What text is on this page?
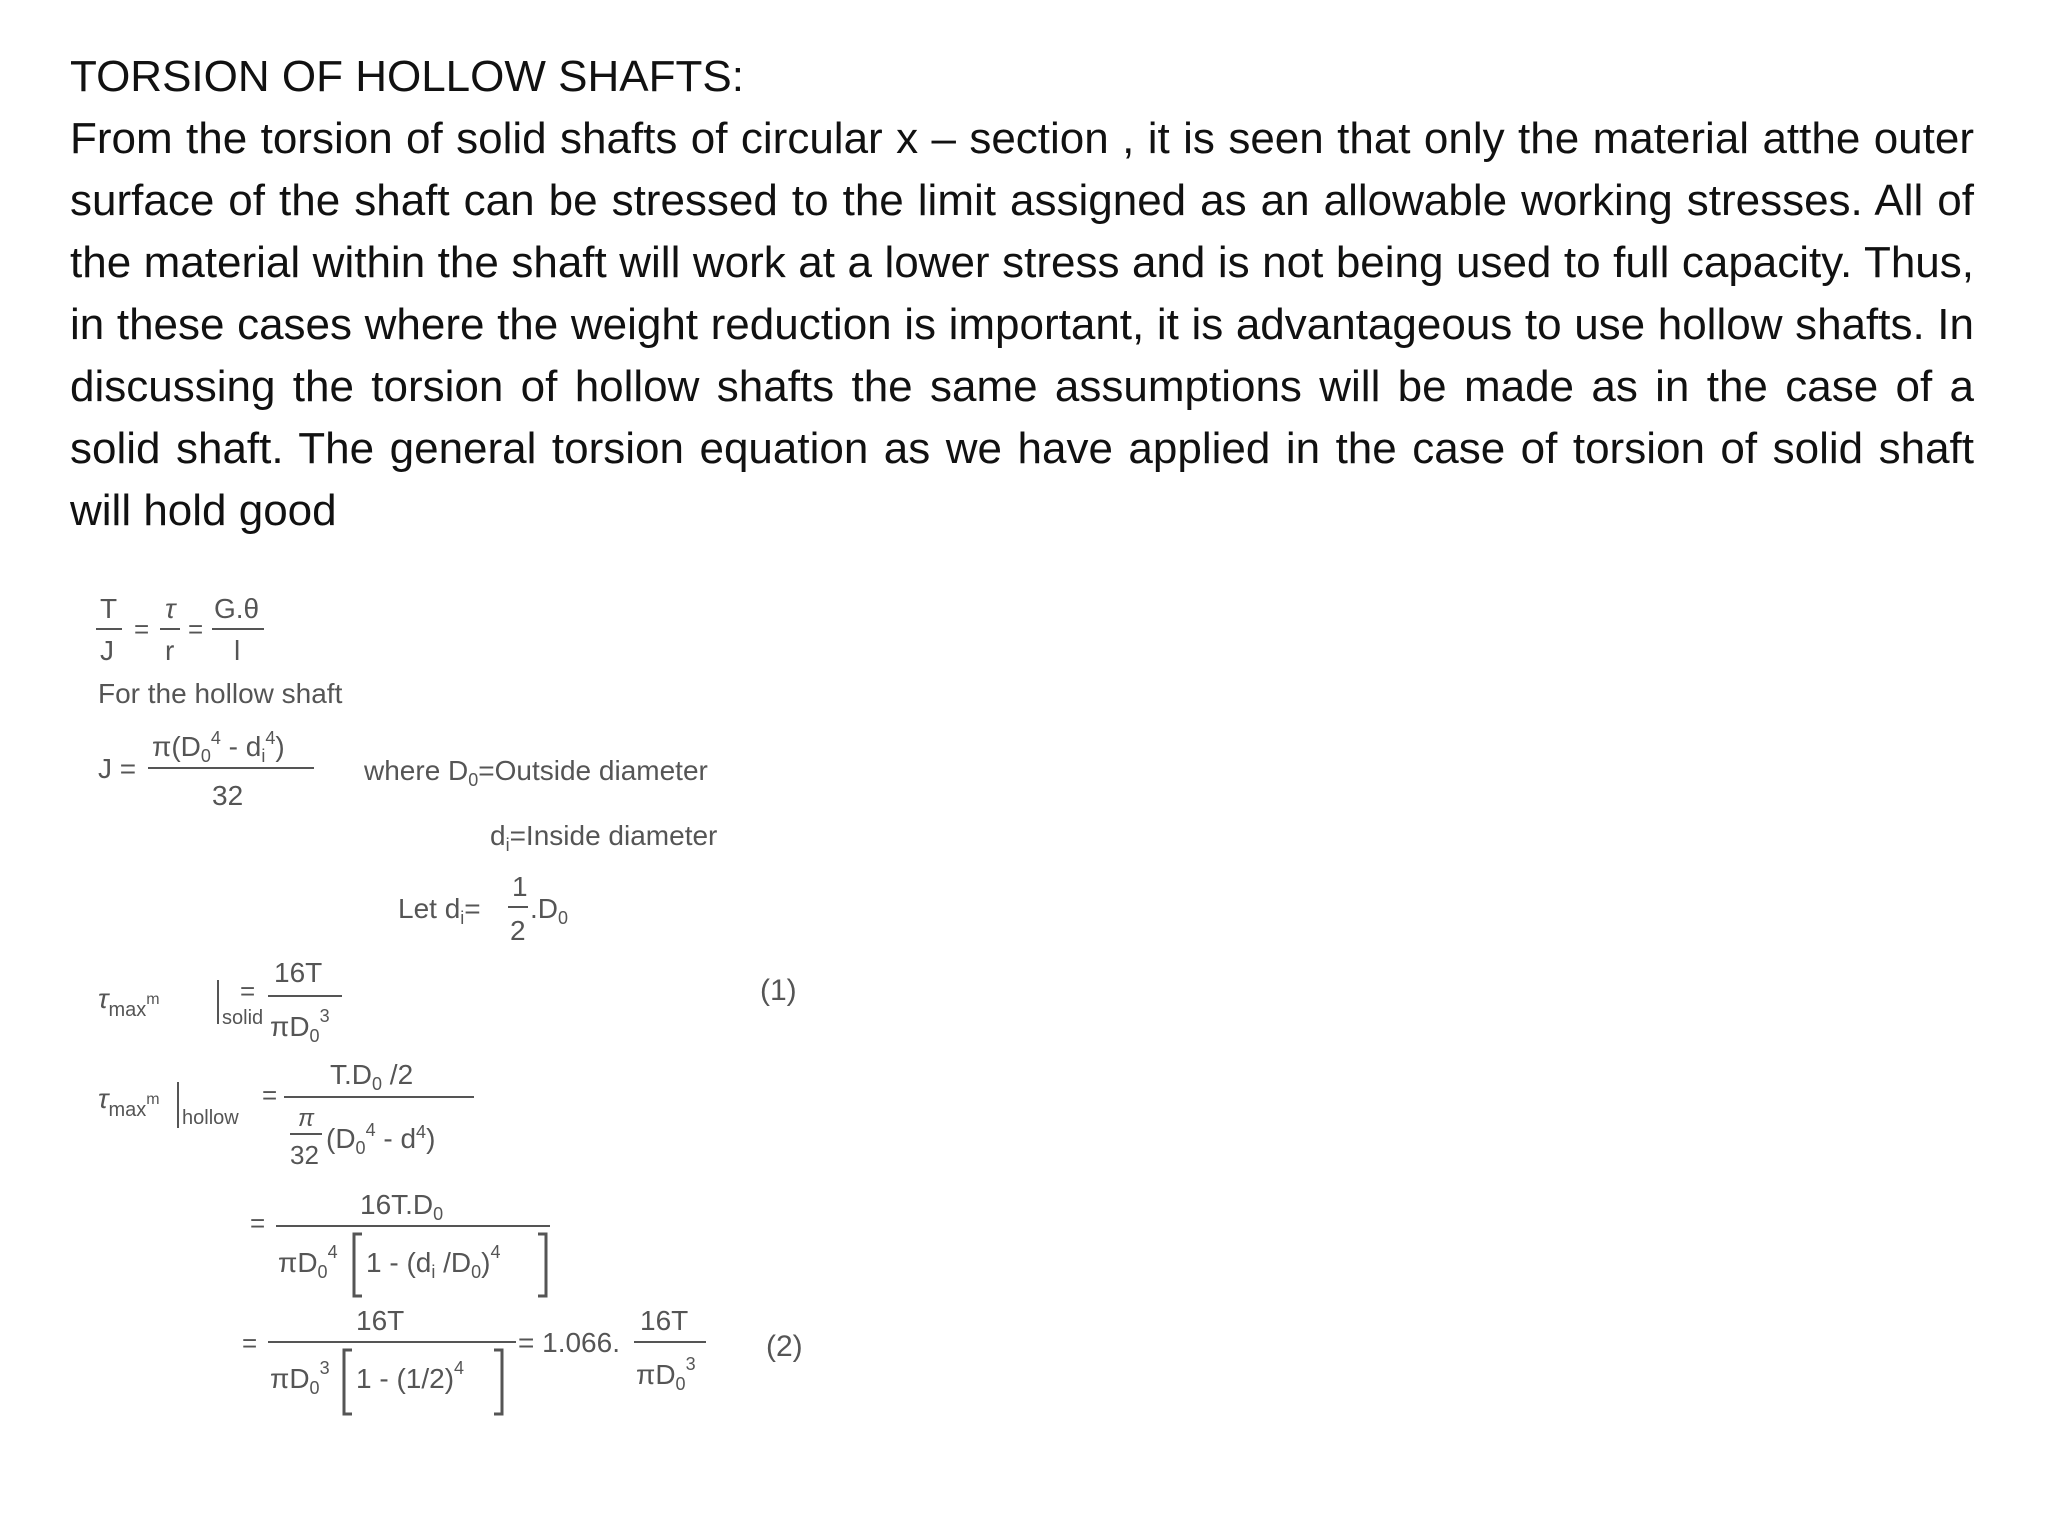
TORSION OF HOLLOW SHAFTS:

From the torsion of solid shafts of circular x – section , it is seen that only the material atthe outer surface of the shaft can be stressed to the limit assigned as an allowable working stresses. All of the material within the shaft will work at a lower stress and is not being used to full capacity. Thus, in these cases where the weight reduction is important, it is advantageous to use hollow shafts. In discussing the torsion of hollow shafts the same assumptions will be made as in the case of a solid shaft. The general torsion equation as we have applied in the case of torsion of solid shaft will hold good

T
J
=
τ
r
=
G.θ
l
For the hollow shaft
J =
$\pi(D_0^4 - d_i^4)$
32
where $D_0=Outside$ diameter
$d_i=Inside$ diameter
Let $d_i=$
1
2
$.D_0$
$\tau_{max}^m$
solid
=
16T
$\pi D_0^3$
(1)
$\tau_{max}^m$
hollow
=
$T.D_0$ /2
π
32
$(D_0^4 - d^4)$
=
$16T.D_0$
$\pi D_0^4$ $1 - (d_i$ $/D_0)^4$
=
16T
$\pi D_0^3$ $1 - (1/2)^4$
= 1.066.
16T
$\pi D_0^3$
(2)
